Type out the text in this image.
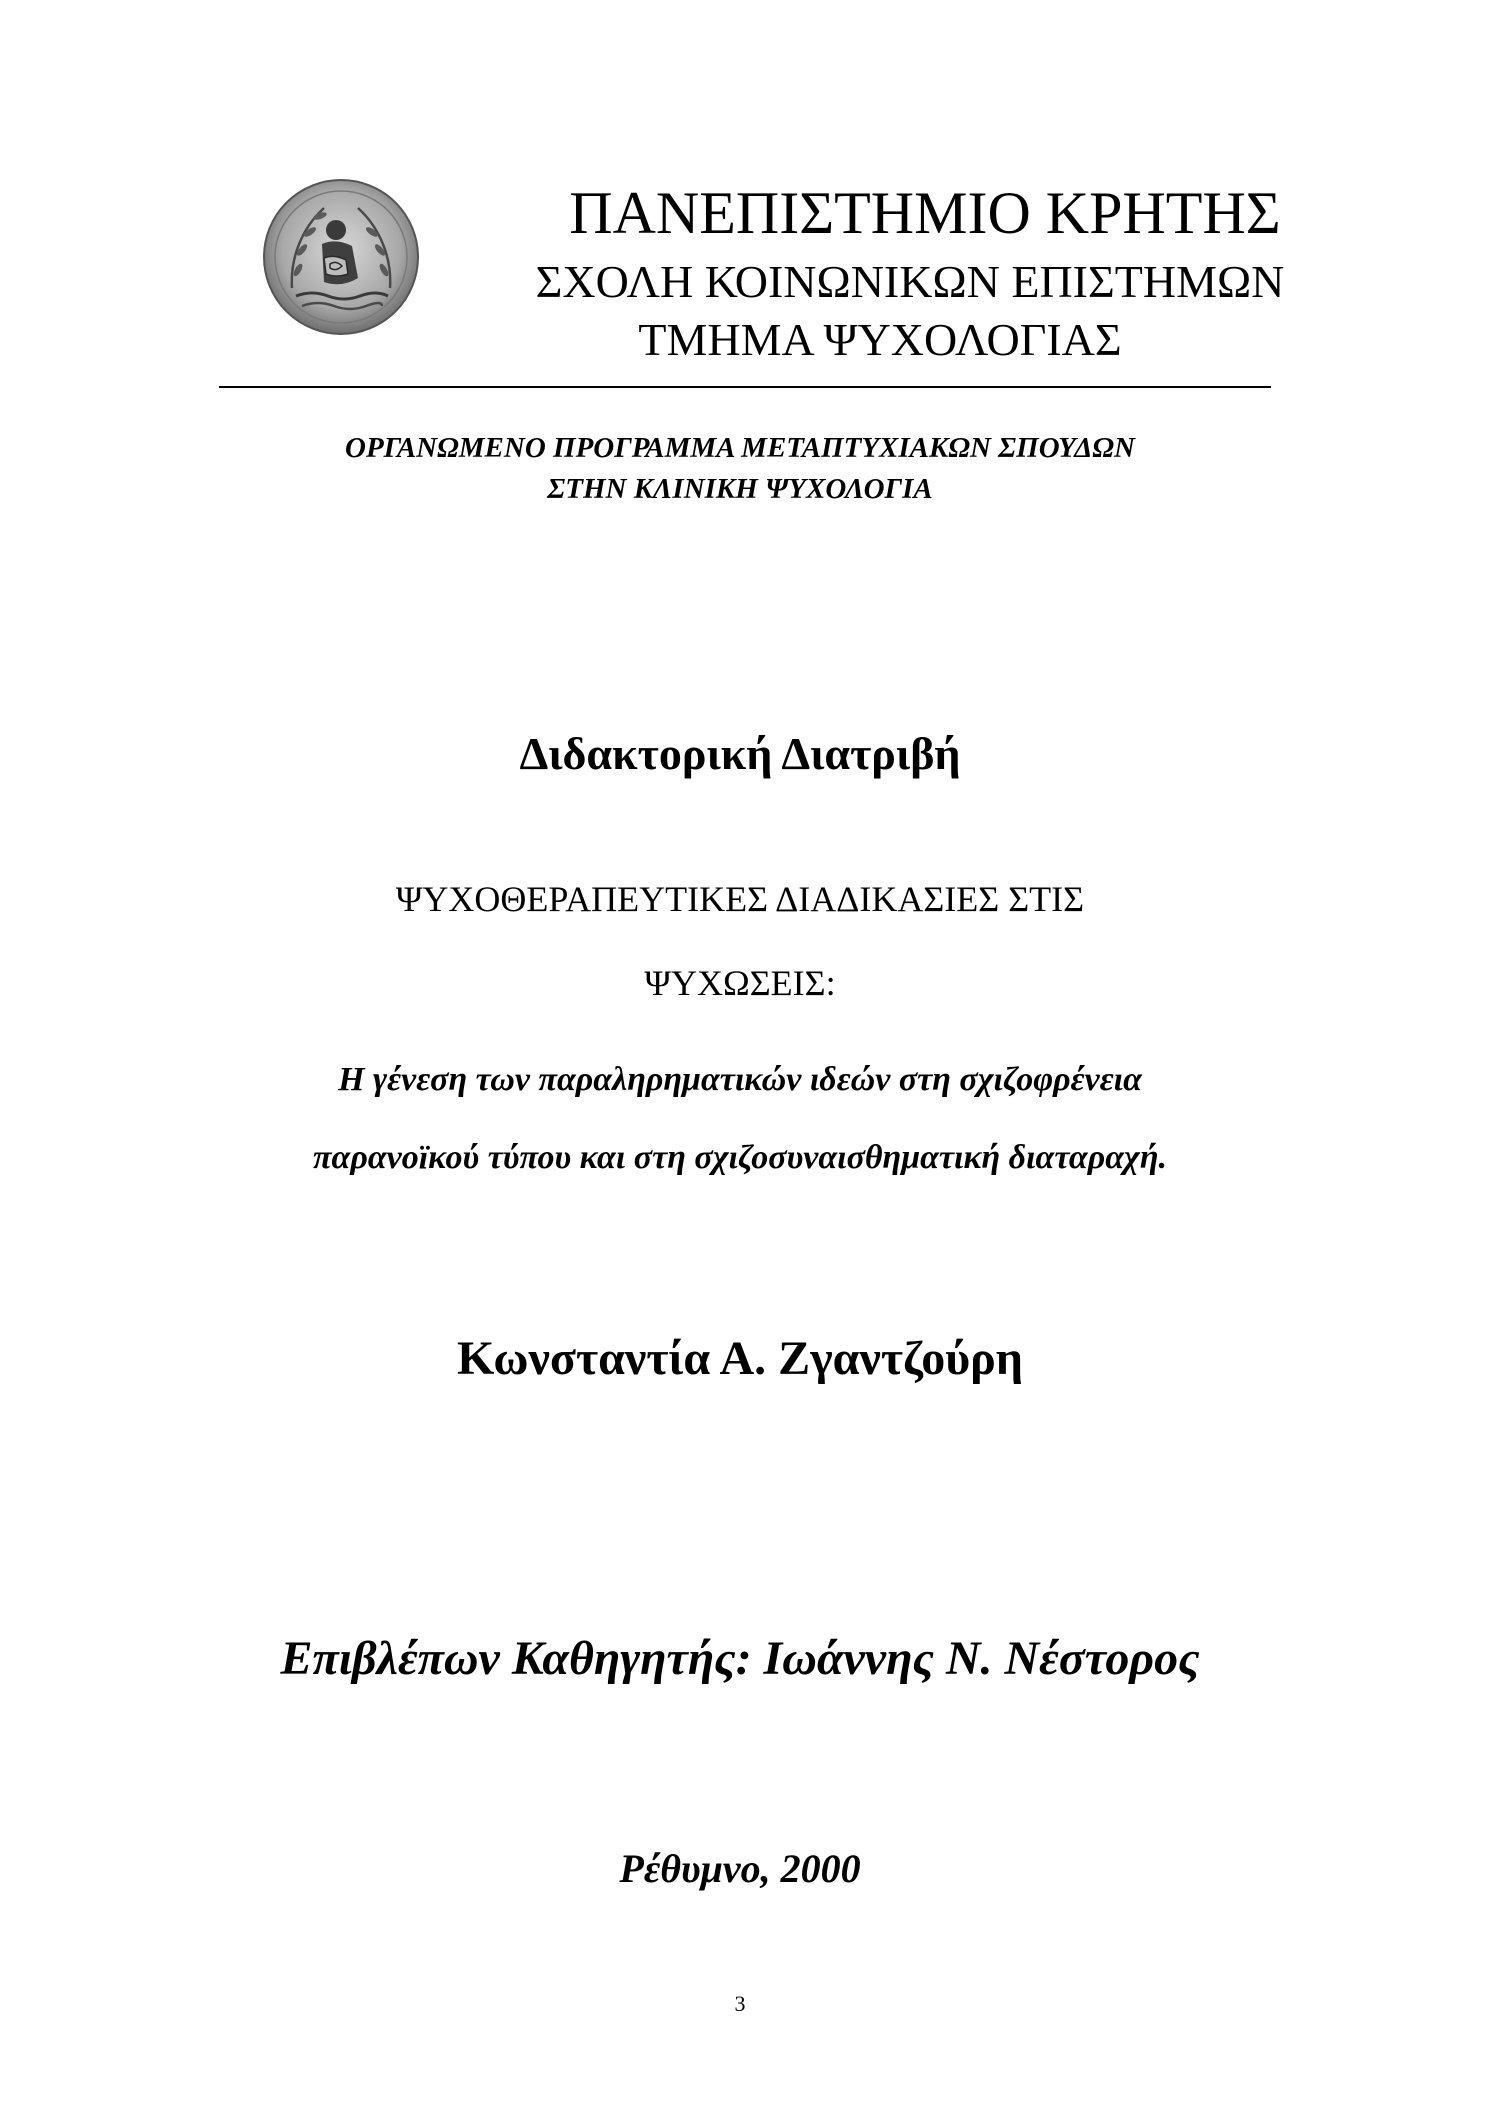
ΠΑΝΕΠΙΣΤΗΜΙΟ ΚΡΗΤΗΣ
ΣΧΟΛΗ ΚΟΙΝΩΝΙΚΩΝ ΕΠΙΣΤΗΜΩΝ
ΤΜΗΜΑ ΨΥΧΟΛΟΓΙΑΣ
ΟΡΓΑΝΩΜΕΝΟ ΠΡΟΓΡΑΜΜΑ ΜΕΤΑΠΤΥΧΙΑΚΩΝ ΣΠΟΥΔΩΝ
ΣΤΗΝ ΚΛΙΝΙΚΗ ΨΥΧΟΛΟΓΙΑ
Διδακτορική Διατριβή
ΨΥΧΟΘΕΡΑΠΕΥΤΙΚΕΣ ΔΙΑΔΙΚΑΣΙΕΣ ΣΤΙΣ
ΨΥΧΩΣΕΙΣ:
Η γένεση των παραληρηματικών ιδεών στη σχιζοφρένεια
παρανοϊκού τύπου και στη σχιζοσυναισθηματική διαταραχή.
Κωνσταντία Α. Ζγαντζούρη
Επιβλέπων Καθηγητής: Ιωάννης Ν. Νέστορος
Ρέθυμνο, 2000
3
